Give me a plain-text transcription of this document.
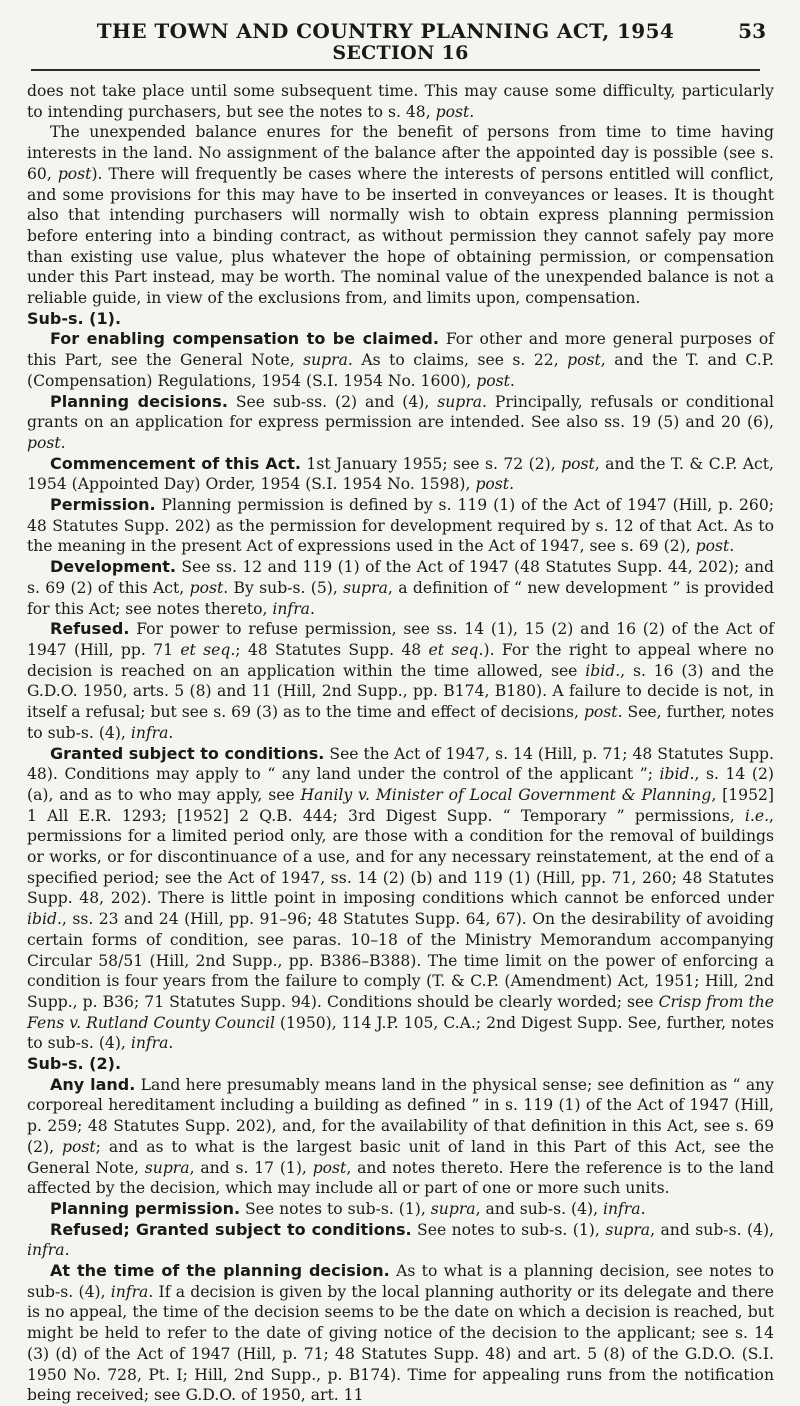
THE TOWN AND COUNTRY PLANNING ACT, 1954
SECTION 16
53

does not take place until some subsequent time. This may cause some difficulty, particularly to intending purchasers, but see the notes to s. 48, post.

The unexpended balance enures for the benefit of persons from time to time having interests in the land. No assignment of the balance after the appointed day is possible (see s. 60, post). There will frequently be cases where the interests of persons entitled will conflict, and some provisions for this may have to be inserted in conveyances or leases. It is thought also that intending purchasers will normally wish to obtain express planning permission before entering into a binding contract, as without permission they cannot safely pay more than existing use value, plus whatever the hope of obtaining permission, or compensation under this Part instead, may be worth. The nominal value of the unexpended balance is not a reliable guide, in view of the exclusions from, and limits upon, compensation.

Sub-s. (1).

For enabling compensation to be claimed. For other and more general purposes of this Part, see the General Note, supra. As to claims, see s. 22, post, and the T. and C.P. (Compensation) Regulations, 1954 (S.I. 1954 No. 1600), post.

Planning decisions. See sub-ss. (2) and (4), supra. Principally, refusals or conditional grants on an application for express permission are intended. See also ss. 19 (5) and 20 (6), post.

Commencement of this Act. 1st January 1955; see s. 72 (2), post, and the T. & C.P. Act, 1954 (Appointed Day) Order, 1954 (S.I. 1954 No. 1598), post.

Permission. Planning permission is defined by s. 119 (1) of the Act of 1947 (Hill, p. 260; 48 Statutes Supp. 202) as the permission for development required by s. 12 of that Act. As to the meaning in the present Act of expressions used in the Act of 1947, see s. 69 (2), post.

Development. See ss. 12 and 119 (1) of the Act of 1947 (48 Statutes Supp. 44, 202); and s. 69 (2) of this Act, post. By sub-s. (5), supra, a definition of “ new development ” is provided for this Act; see notes thereto, infra.

Refused. For power to refuse permission, see ss. 14 (1), 15 (2) and 16 (2) of the Act of 1947 (Hill, pp. 71 et seq.; 48 Statutes Supp. 48 et seq.). For the right to appeal where no decision is reached on an application within the time allowed, see ibid., s. 16 (3) and the G.D.O. 1950, arts. 5 (8) and 11 (Hill, 2nd Supp., pp. B174, B180). A failure to decide is not, in itself a refusal; but see s. 69 (3) as to the time and effect of decisions, post. See, further, notes to sub-s. (4), infra.

Granted subject to conditions. See the Act of 1947, s. 14 (Hill, p. 71; 48 Statutes Supp. 48). Conditions may apply to “ any land under the control of the applicant ”; ibid., s. 14 (2) (a), and as to who may apply, see Hanily v. Minister of Local Government & Planning, [1952] 1 All E.R. 1293; [1952] 2 Q.B. 444; 3rd Digest Supp. “ Temporary ” permissions, i.e., permissions for a limited period only, are those with a condition for the removal of buildings or works, or for discontinuance of a use, and for any necessary reinstatement, at the end of a specified period; see the Act of 1947, ss. 14 (2) (b) and 119 (1) (Hill, pp. 71, 260; 48 Statutes Supp. 48, 202). There is little point in imposing conditions which cannot be enforced under ibid., ss. 23 and 24 (Hill, pp. 91–96; 48 Statutes Supp. 64, 67). On the desirability of avoiding certain forms of condition, see paras. 10–18 of the Ministry Memorandum accompanying Circular 58/51 (Hill, 2nd Supp., pp. B386–B388). The time limit on the power of enforcing a condition is four years from the failure to comply (T. & C.P. (Amendment) Act, 1951; Hill, 2nd Supp., p. B36; 71 Statutes Supp. 94). Conditions should be clearly worded; see Crisp from the Fens v. Rutland County Council (1950), 114 J.P. 105, C.A.; 2nd Digest Supp. See, further, notes to sub-s. (4), infra.

Sub-s. (2).

Any land. Land here presumably means land in the physical sense; see definition as “ any corporeal hereditament including a building as defined ” in s. 119 (1) of the Act of 1947 (Hill, p. 259; 48 Statutes Supp. 202), and, for the availability of that definition in this Act, see s. 69 (2), post; and as to what is the largest basic unit of land in this Part of this Act, see the General Note, supra, and s. 17 (1), post, and notes thereto. Here the reference is to the land affected by the decision, which may include all or part of one or more such units.

Planning permission. See notes to sub-s. (1), supra, and sub-s. (4), infra.

Refused; Granted subject to conditions. See notes to sub-s. (1), supra, and sub-s. (4), infra.

At the time of the planning decision. As to what is a planning decision, see notes to sub-s. (4), infra. If a decision is given by the local planning authority or its delegate and there is no appeal, the time of the decision seems to be the date on which a decision is reached, but might be held to refer to the date of giving notice of the decision to the applicant; see s. 14 (3) (d) of the Act of 1947 (Hill, p. 71; 48 Statutes Supp. 48) and art. 5 (8) of the G.D.O. (S.I. 1950 No. 728, Pt. I; Hill, 2nd Supp., p. B174). Time for appealing runs from the notification being received; see G.D.O. of 1950, art. 11
